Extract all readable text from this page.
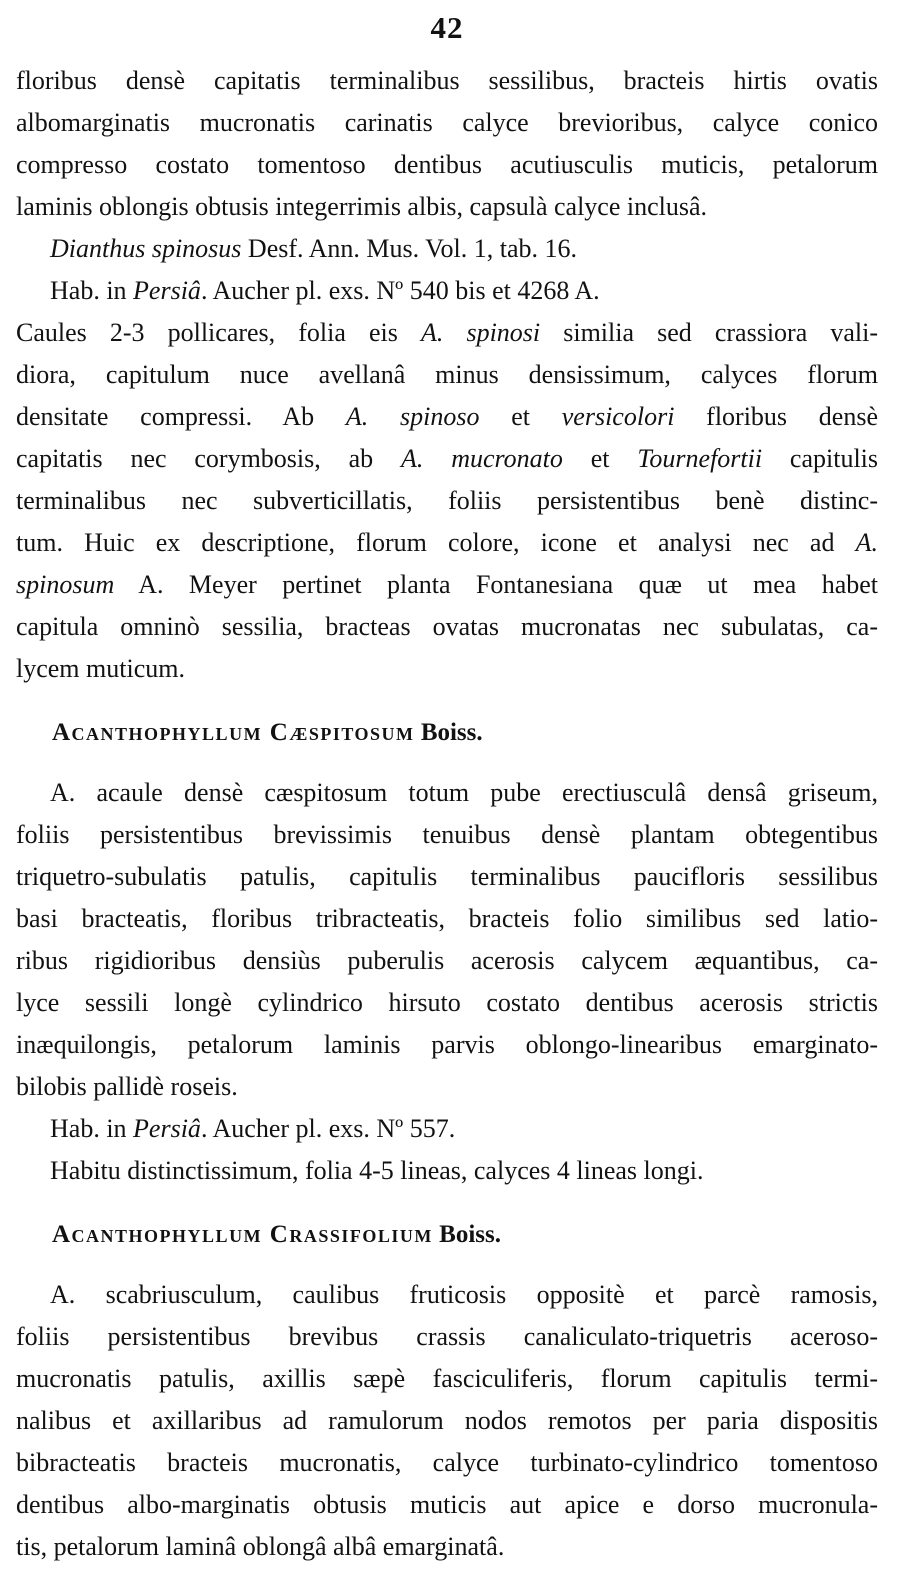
42
floribus densè capitatis terminalibus sessilibus, bracteis hirtis ovatis
albomarginatis mucronatis carinatis calyce brevioribus, calyce conico
compresso costato tomentoso dentibus acutiusculis muticis, petalorum
laminis oblongis obtusis integerrimis albis, capsulà calyce inclusâ.
Dianthus spinosus Desf. Ann. Mus. Vol. 1, tab. 16.
Hab. in Persiâ. Aucher pl. exs. Nº 540 bis et 4268 A.
Caules 2-3 pollicares, folia eis A. spinosi similia sed crassiora vali-
diora, capitulum nuce avellanâ minus densissimum, calyces florum
densitate compressi. Ab A. spinoso et versicolori floribus densè
capitatis nec corymbosis, ab A. mucronato et Tournefortii capitulis
terminalibus nec subverticillatis, foliis persistentibus benè distinc-
tum. Huic ex descriptione, florum colore, icone et analysi nec ad A.
spinosum A. Meyer pertinet planta Fontanesiana quæ ut mea habet
capitula omninò sessilia, bracteas ovatas mucronatas nec subulatas, ca-
lycem muticum.
Acanthophyllum Cæspitosum Boiss.
A. acaule densè cæspitosum totum pube erectiusculâ densâ griseum,
foliis persistentibus brevissimis tenuibus densè plantam obtegentibus
triquetro-subulatis patulis, capitulis terminalibus paucifloris sessilibus
basi bracteatis, floribus tribracteatis, bracteis folio similibus sed latio-
ribus rigidioribus densiùs puberulis acerosis calycem æquantibus, ca-
lyce sessili longè cylindrico hirsuto costato dentibus acerosis strictis
inæquilongis, petalorum laminis parvis oblongo-linearibus emarginato-
bilobis pallidè roseis.
Hab. in Persiâ. Aucher pl. exs. Nº 557.
Habitu distinctissimum, folia 4-5 lineas, calyces 4 lineas longi.
Acanthophyllum Crassifolium Boiss.
A. scabriusculum, caulibus fruticosis oppositè et parcè ramosis,
foliis persistentibus brevibus crassis canaliculato-triquetris aceroso-
mucronatis patulis, axillis sæpè fasciculiferis, florum capitulis termi-
nalibus et axillaribus ad ramulorum nodos remotos per paria dispositis
bibracteatis bracteis mucronatis, calyce turbinato-cylindrico tomentoso
dentibus albo-marginatis obtusis muticis aut apice e dorso mucronula-
tis, petalorum laminâ oblongâ albâ emarginatâ.
